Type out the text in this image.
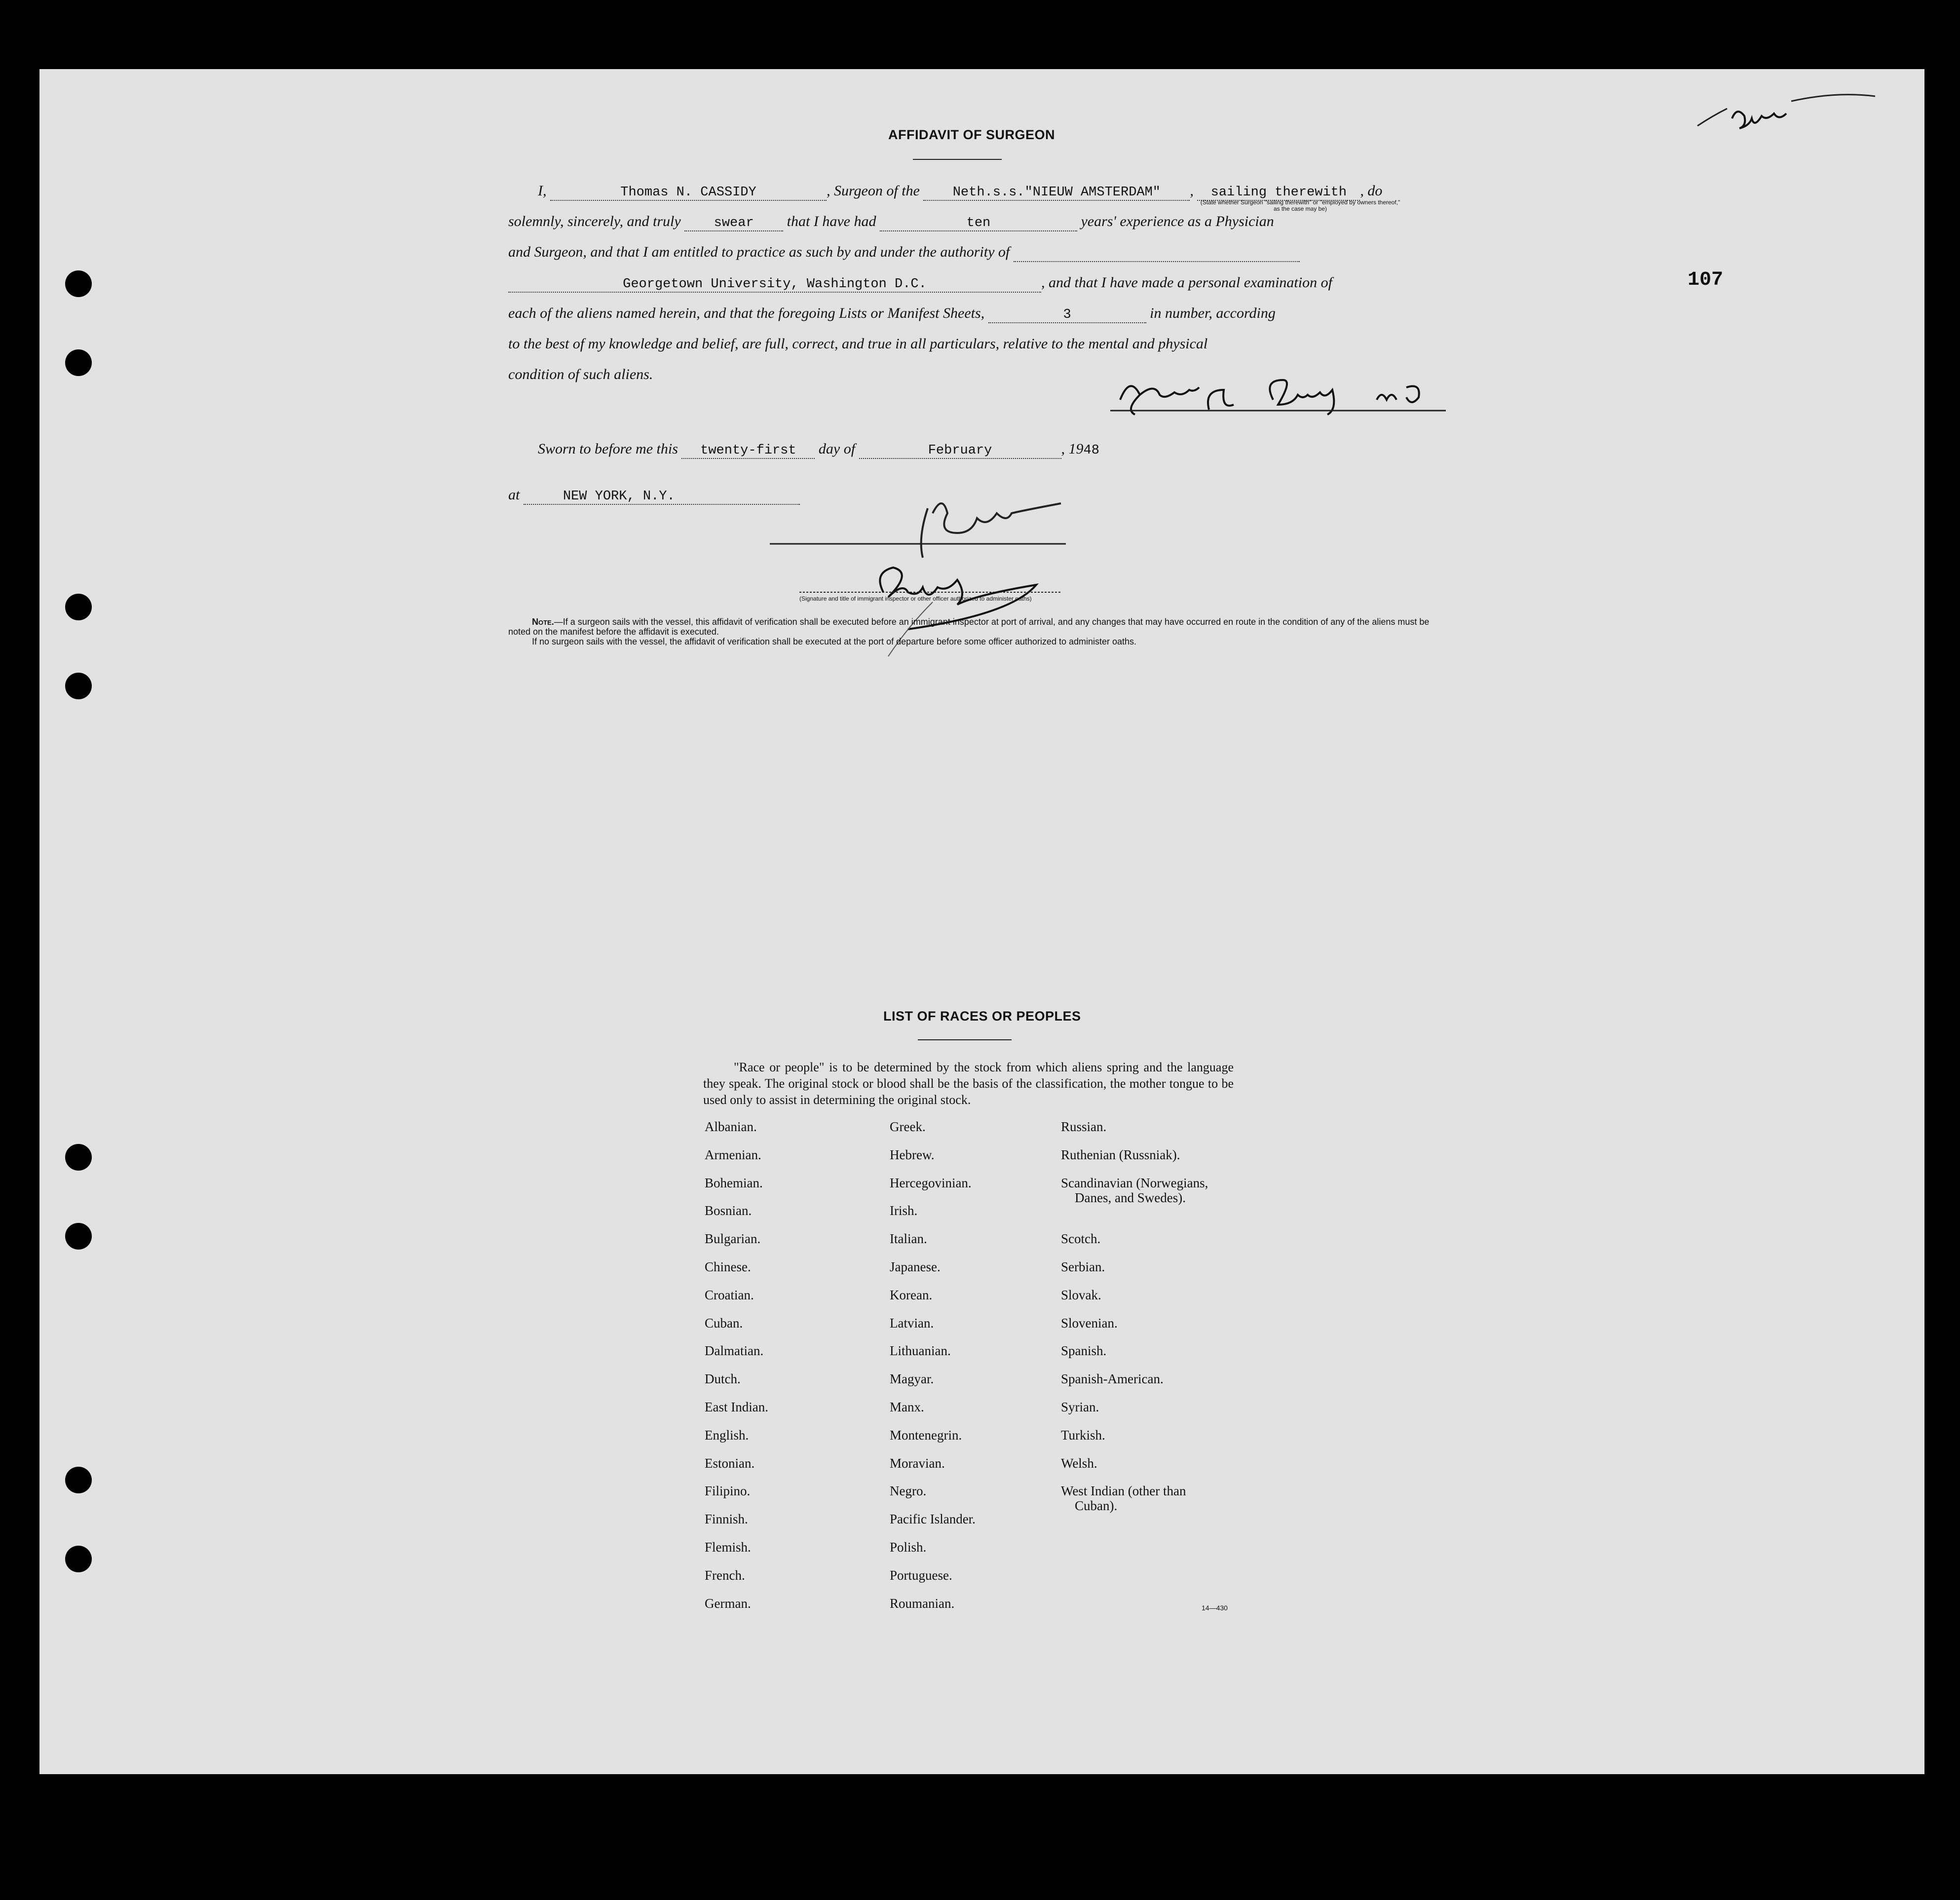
107
AFFIDAVIT OF SURGEON
I,	Thomas N. CASSIDY	, Surgeon of the Neth.s.s."NIEUW AMSTERDAM" , sailing therewith , do
(State whether Surgeon "sailing therewith" or "employed by owners thereof," as the case may be)
solemnly, sincerely, and truly swear that I have had	ten	years' experience as a Physician
and Surgeon, and that I am entitled to practice as such by and under the authority of
Georgetown University, Washington D.C.	, and that I have made a personal examination of
each of the aliens named herein, and that the foregoing Lists or Manifest Sheets,	3	in number, according
to the best of my knowledge and belief, are full, correct, and true in all particulars, relative to the mental and physical
condition of such aliens.
Sworn to before me this twenty-first day of	February	, 1948
at	NEW YORK, N.Y.
(Signature and title of immigrant inspector or other officer authorized to administer oaths)
Note.—If a surgeon sails with the vessel, this affidavit of verification shall be executed before an immigrant inspector at port of arrival, and any changes that may have occurred en route in the condition of any of the aliens must be noted on the manifest before the affidavit is executed.
If no surgeon sails with the vessel, the affidavit of verification shall be executed at the port of departure before some officer authorized to administer oaths.
LIST OF RACES OR PEOPLES
"Race or people" is to be determined by the stock from which aliens spring and the language they speak. The original stock or blood shall be the basis of the classification, the mother tongue to be used only to assist in determining the original stock.
Albanian.
Armenian.
Bohemian.
Bosnian.
Bulgarian.
Chinese.
Croatian.
Cuban.
Dalmatian.
Dutch.
East Indian.
English.
Estonian.
Filipino.
Finnish.
Flemish.
French.
German.
Greek.
Hebrew.
Hercegovinian.
Irish.
Italian.
Japanese.
Korean.
Latvian.
Lithuanian.
Magyar.
Manx.
Montenegrin.
Moravian.
Negro.
Pacific Islander.
Polish.
Portuguese.
Roumanian.
Russian.
Ruthenian (Russniak).
Scandinavian (Norwegians,
Danes, and Swedes).
Scotch.
Serbian.
Slovak.
Slovenian.
Spanish.
Spanish-American.
Syrian.
Turkish.
Welsh.
West Indian (other than
Cuban).
14—430
